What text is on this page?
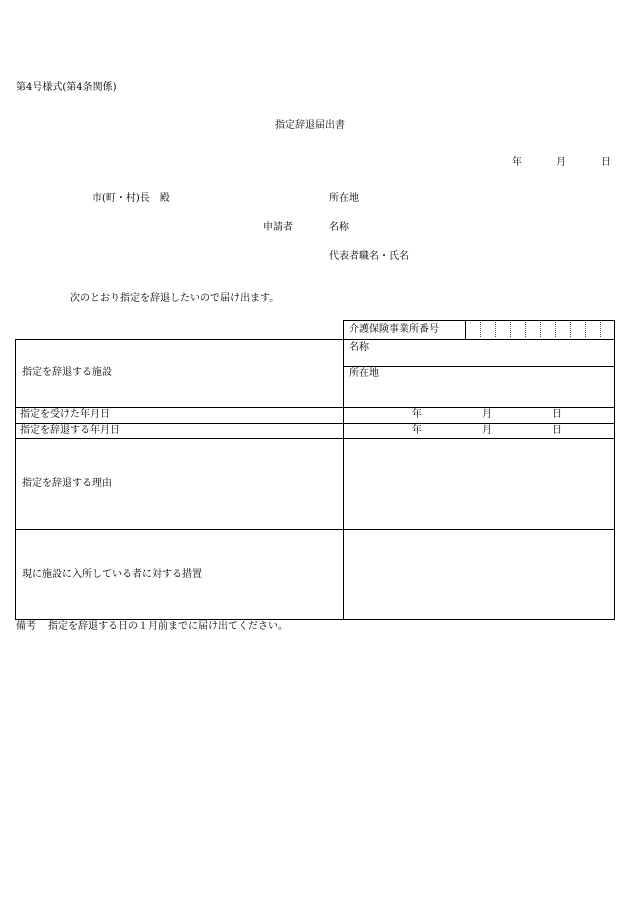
第4号様式(第4条関係)
指定辞退届出書
年	月	日
市(町・村)長　殿	所在地
申請者	名称
代表者職名・氏名
次のとおり指定を辞退したいので届け出ます。
介護保険事業所番号
指定を辞退する施設
名称
所在地
指定を受けた年月日	年	月	日
指定を辞退する年月日	年	月	日
指定を辞退する理由
現に施設に入所している者に対する措置
備考 指定を辞退する日の１月前までに届け出てください。
